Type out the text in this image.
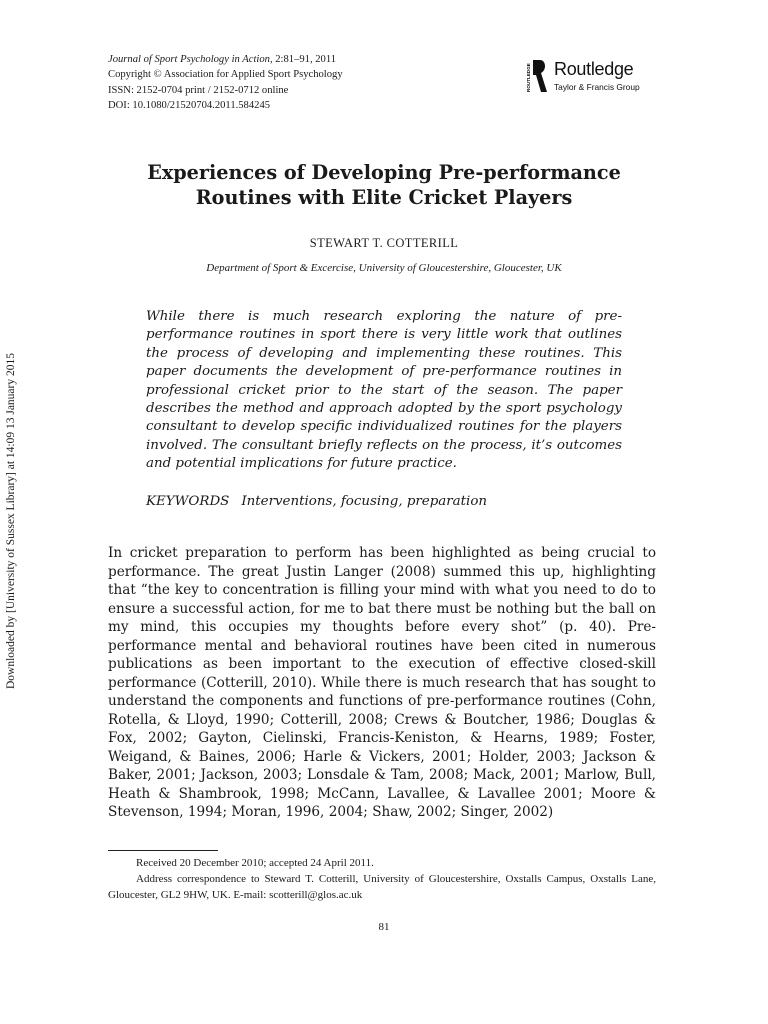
Journal of Sport Psychology in Action, 2:81–91, 2011
Copyright © Association for Applied Sport Psychology
ISSN: 2152-0704 print / 2152-0712 online
DOI: 10.1080/21520704.2011.584245
ROUTLEDGE Routledge
Taylor & Francis Group
Experiences of Developing Pre-performance
Routines with Elite Cricket Players
STEWART T. COTTERILL
Department of Sport & Excercise, University of Gloucestershire, Gloucester, UK
While there is much research exploring the nature of pre-performance routines in sport there is very little work that outlines the process of developing and implementing these routines. This paper documents the development of pre-performance routines in professional cricket prior to the start of the season. The paper describes the method and approach adopted by the sport psychology consultant to develop specific individualized routines for the players involved. The consultant briefly reflects on the process, it’s outcomes and potential implications for future practice.
KEYWORDS Interventions, focusing, preparation
In cricket preparation to perform has been highlighted as being crucial to performance. The great Justin Langer (2008) summed this up, highlighting that “the key to concentration is filling your mind with what you need to do to ensure a successful action, for me to bat there must be nothing but the ball on my mind, this occupies my thoughts before every shot” (p. 40). Pre-performance mental and behavioral routines have been cited in numerous publications as been important to the execution of effective closed-skill performance (Cotterill, 2010). While there is much research that has sought to understand the components and functions of pre-performance routines (Cohn, Rotella, & Lloyd, 1990; Cotterill, 2008; Crews & Boutcher, 1986; Douglas & Fox, 2002; Gayton, Cielinski, Francis-Keniston, & Hearns, 1989; Foster, Weigand, & Baines, 2006; Harle & Vickers, 2001; Holder, 2003; Jackson & Baker, 2001; Jackson, 2003; Lonsdale & Tam, 2008; Mack, 2001; Marlow, Bull, Heath & Shambrook, 1998; McCann, Lavallee, & Lavallee 2001; Moore & Stevenson, 1994; Moran, 1996, 2004; Shaw, 2002; Singer, 2002)

Received 20 December 2010; accepted 24 April 2011.

Address correspondence to Steward T. Cotterill, University of Gloucestershire, Oxstalls Campus, Oxstalls Lane, Gloucester, GL2 9HW, UK. E-mail: scotterill@glos.ac.uk

81
Downloaded by [University of Sussex Library] at 14:09 13 January 2015
